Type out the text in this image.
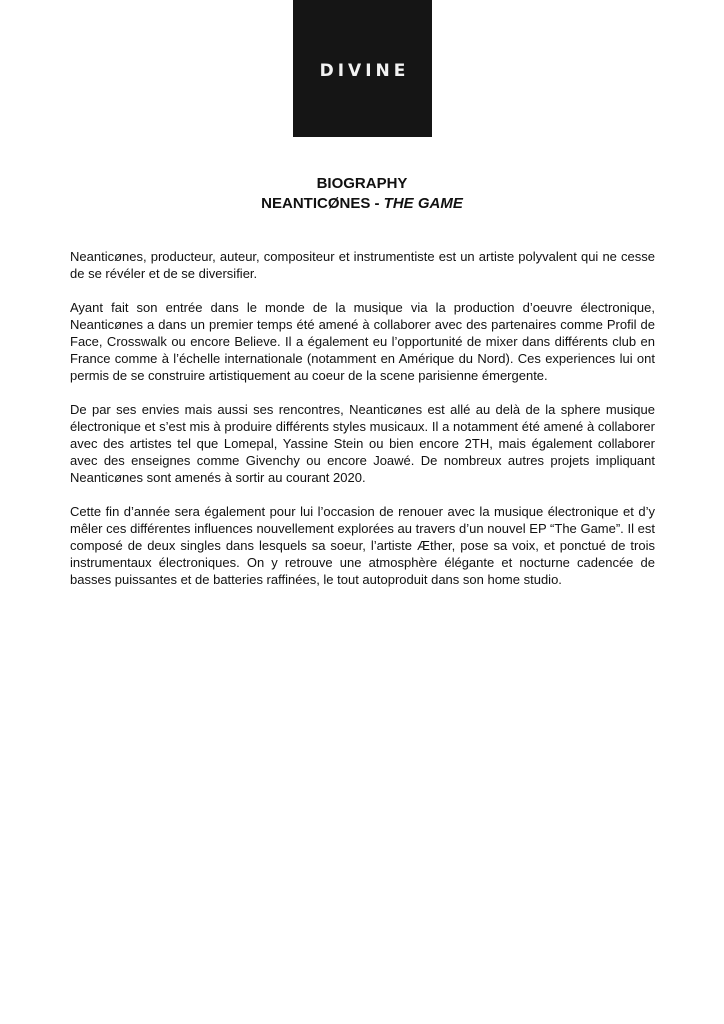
DIVINE
BIOGRAPHY
NEANTICØNES - THE GAME

Neanticønes, producteur, auteur, compositeur et instrumentiste est un artiste polyvalent qui ne cesse de se révéler et de se diversifier.

Ayant fait son entrée dans le monde de la musique via la production d’oeuvre électronique, Neanticønes a dans un premier temps été amené à collaborer avec des partenaires comme Profil de Face, Crosswalk ou encore Believe. Il a également eu l’opportunité de mixer dans différents club en France comme à l’échelle internationale (notamment en Amérique du Nord). Ces experiences lui ont permis de se construire artistiquement au coeur de la scene parisienne émergente.

De par ses envies mais aussi ses rencontres, Neanticønes est allé au delà de la sphere musique électronique et s’est mis à produire différents styles musicaux. Il a notamment été amené à collaborer avec des artistes tel que Lomepal, Yassine Stein ou bien encore 2TH, mais également collaborer avec des enseignes comme Givenchy ou encore Joawé. De nombreux autres projets impliquant Neanticønes sont amenés à sortir au courant 2020.

Cette fin d’année sera également pour lui l’occasion de renouer avec la musique électronique et d’y mêler ces différentes influences nouvellement explorées au travers d’un nouvel EP “The Game”. Il est composé de deux singles dans lesquels sa soeur, l’artiste Æther, pose sa voix, et ponctué de trois instrumentaux électroniques. On y retrouve une atmosphère élégante et nocturne cadencée de basses puissantes et de batteries raffinées, le tout autoproduit dans son home studio.
